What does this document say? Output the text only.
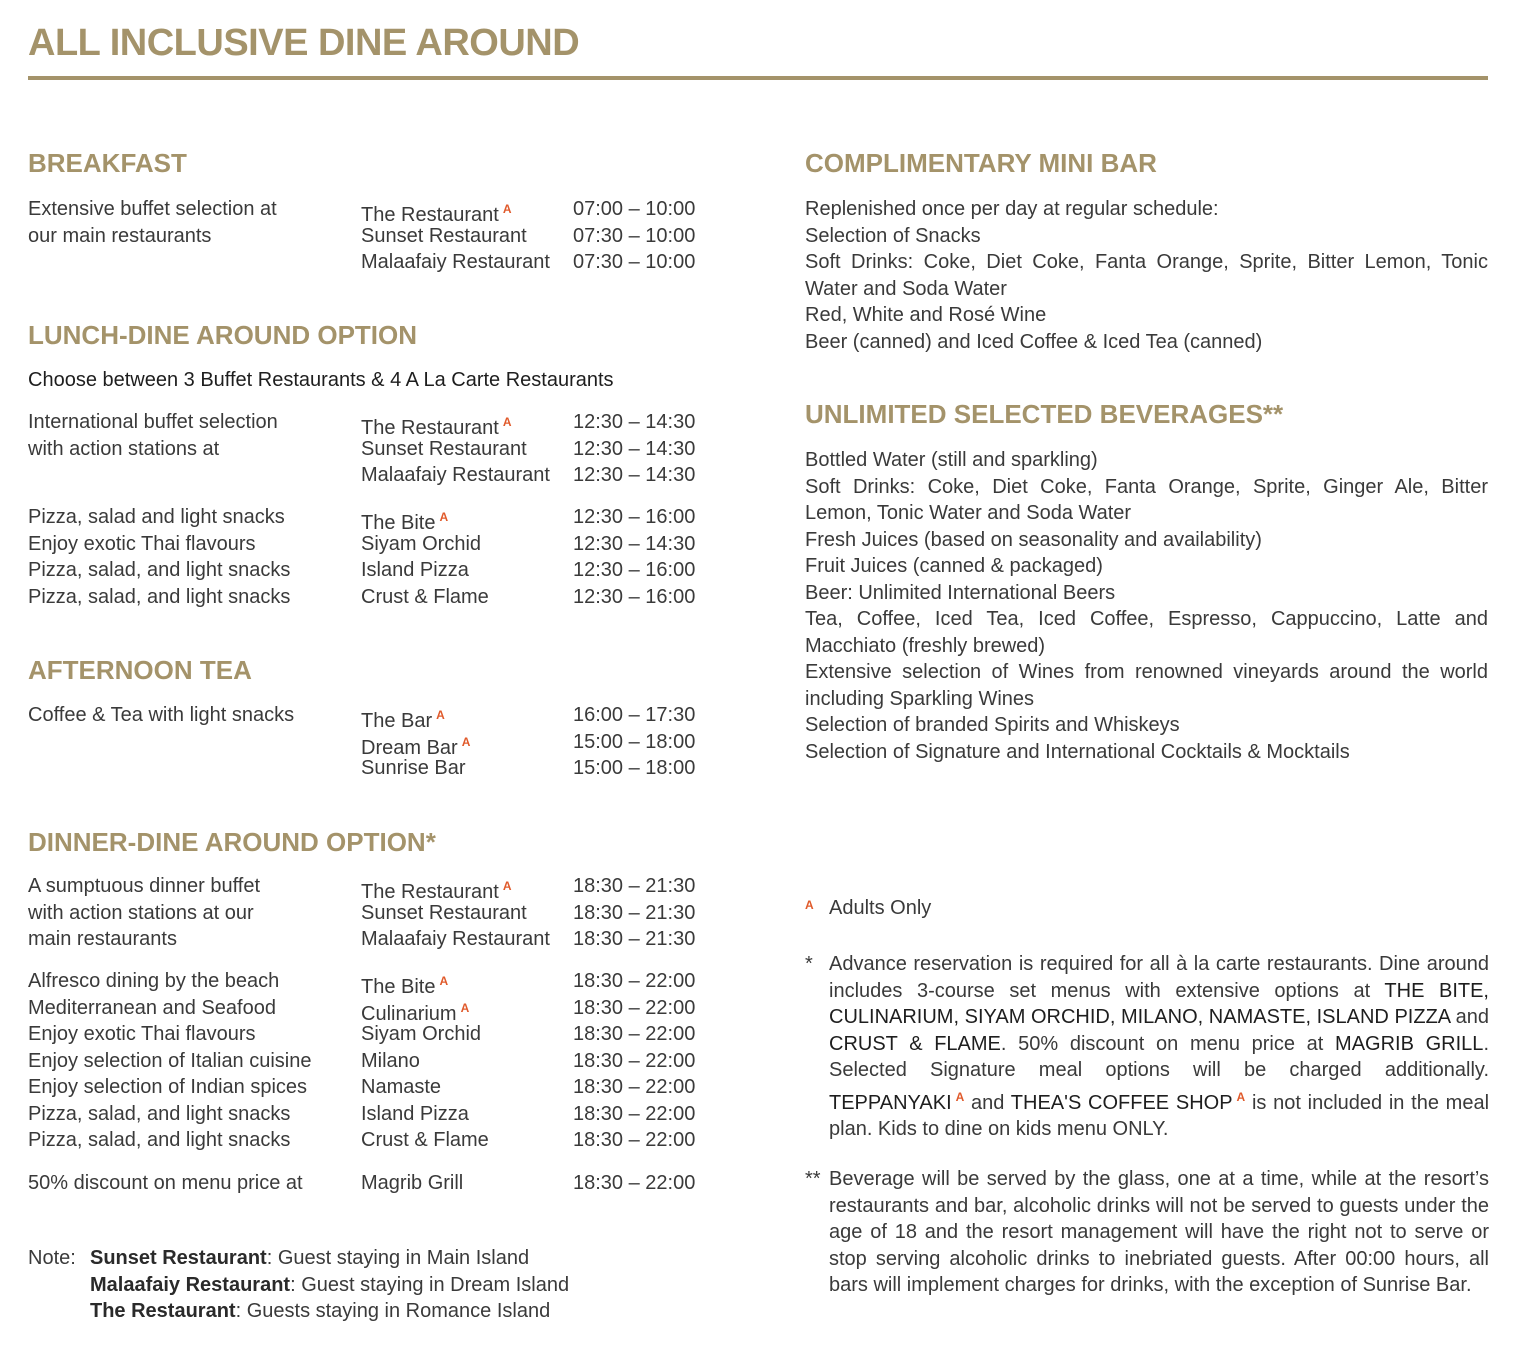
ALL INCLUSIVE DINE AROUND
BREAKFAST
Extensive buffet selection at	The Restaurant $^A$	07:00 – 10:00
our main restaurants	Sunset Restaurant 07:30 – 10:00
Malaafaiy Restaurant 07:30 – 10:00
LUNCH-DINE AROUND OPTION
Choose between 3 Buffet Restaurants & 4 A La Carte Restaurants
International buffet selection	The Restaurant $^A$	12:30 – 14:30
with action stations at	Sunset Restaurant 12:30 – 14:30
Malaafaiy Restaurant 12:30 – 14:30
Pizza, salad and light snacks	The Bite $^A$	12:30 – 16:00
Enjoy exotic Thai flavours	Siyam Orchid	12:30 – 14:30
Pizza, salad, and light snacks	Island Pizza	12:30 – 16:00
Pizza, salad, and light snacks	Crust & Flame	12:30 – 16:00
AFTERNOON TEA
Coffee & Tea with light snacks	The Bar $^A$	16:00 – 17:30
Dream Bar $^A$	15:00 – 18:00
Sunrise Bar	15:00 – 18:00
DINNER-DINE AROUND OPTION*
A sumptuous dinner buffet	The Restaurant $^A$	18:30 – 21:30
with action stations at our	Sunset Restaurant 18:30 – 21:30
main restaurants	Malaafaiy Restaurant 18:30 – 21:30
Alfresco dining by the beach	The Bite $^A$	18:30 – 22:00
Mediterranean and Seafood	Culinarium $^A$	18:30 – 22:00
Enjoy exotic Thai flavours	Siyam Orchid	18:30 – 22:00
Enjoy selection of Italian cuisine Milano	18:30 – 22:00
Enjoy selection of Indian spices	Namaste	18:30 – 22:00
Pizza, salad, and light snacks	Island Pizza	18:30 – 22:00
Pizza, salad, and light snacks	Crust & Flame	18:30 – 22:00
50% discount on menu price at	Magrib Grill	18:30 – 22:00
Note: Sunset Restaurant: Guest staying in Main Island
Malaafaiy Restaurant: Guest staying in Dream Island
The Restaurant: Guests staying in Romance Island
COMPLIMENTARY MINI BAR
Replenished once per day at regular schedule:
Selection of Snacks
Soft Drinks: Coke, Diet Coke, Fanta Orange, Sprite, Bitter Lemon, Tonic Water and Soda Water
Red, White and Rosé Wine
Beer (canned) and Iced Coffee & Iced Tea (canned)
UNLIMITED SELECTED BEVERAGES**
Bottled Water (still and sparkling)
Soft Drinks: Coke, Diet Coke, Fanta Orange, Sprite, Ginger Ale, Bitter Lemon, Tonic Water and Soda Water
Fresh Juices (based on seasonality and availability)
Fruit Juices (canned & packaged)
Beer: Unlimited International Beers
Tea, Coffee, Iced Tea, Iced Coffee, Espresso, Cappuccino, Latte and Macchiato (freshly brewed)
Extensive selection of Wines from renowned vineyards around the world including Sparkling Wines
Selection of branded Spirits and Whiskeys
Selection of Signature and International Cocktails & Mocktails
A Adults Only
* Advance reservation is required for all à la carte restaurants. Dine around includes 3-course set menus with extensive options at THE BITE, CULINARIUM, SIYAM ORCHID, MILANO, NAMASTE, ISLAND PIZZA and CRUST & FLAME. 50% discount on menu price at MAGRIB GRILL. Selected Signature meal options will be charged additionally. TEPPANYAKI $^A$ and THEA'S COFFEE SHOP $^A$ is not included in the meal plan. Kids to dine on kids menu ONLY.
** Beverage will be served by the glass, one at a time, while at the resort’s restaurants and bar, alcoholic drinks will not be served to guests under the age of 18 and the resort management will have the right not to serve or stop serving alcoholic drinks to inebriated guests. After 00:00 hours, all bars will implement charges for drinks, with the exception of Sunrise Bar.
